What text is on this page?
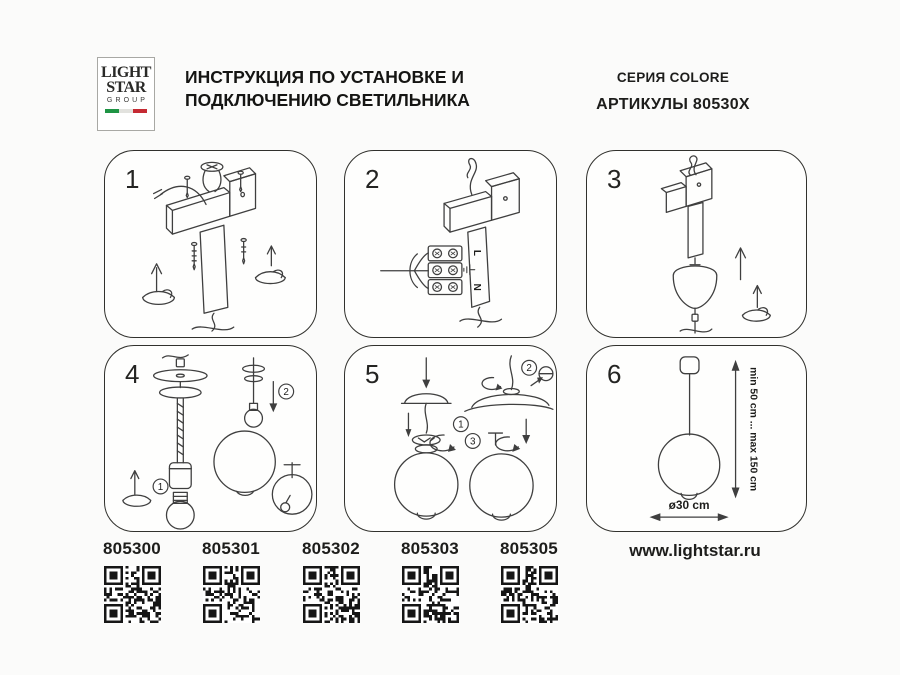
LIGHT
STAR
GROUP
ИНСТРУКЦИЯ ПО УСТАНОВКЕ И
ПОДКЛЮЧЕНИЮ СВЕТИЛЬНИКА
СЕРИЯ COLORE
АРТИКУЛЫ 80530X
1
L
N
2	3
1
2
4
1
2
3
5	min 50 cm ... max 150 cm
ø30 cm
6
805300	805301	805302	805303	805305	www.lightstar.ru
